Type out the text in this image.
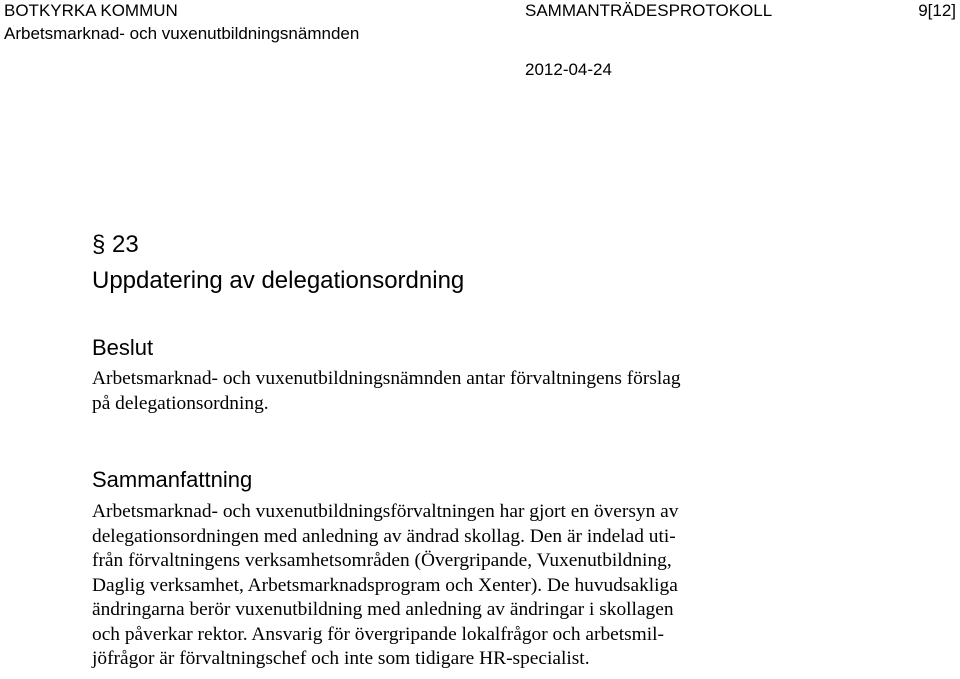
BOTKYRKA KOMMUN
Arbetsmarknad- och vuxenutbildningsnämnden
SAMMANTRÄDESPROTOKOLL	9[12]
2012-04-24
§ 23
Uppdatering av delegationsordning
Beslut
Arbetsmarknad- och vuxenutbildningsnämnden antar förvaltningens förslag
på delegationsordning.
Sammanfattning
Arbetsmarknad- och vuxenutbildningsförvaltningen har gjort en översyn av
delegationsordningen med anledning av ändrad skollag. Den är indelad uti-
från förvaltningens verksamhetsområden (Övergripande, Vuxenutbildning,
Daglig verksamhet, Arbetsmarknadsprogram och Xenter). De huvudsakliga
ändringarna berör vuxenutbildning med anledning av ändringar i skollagen
och påverkar rektor. Ansvarig för övergripande lokalfrågor och arbetsmil-
jöfrågor är förvaltningschef och inte som tidigare HR-specialist.
